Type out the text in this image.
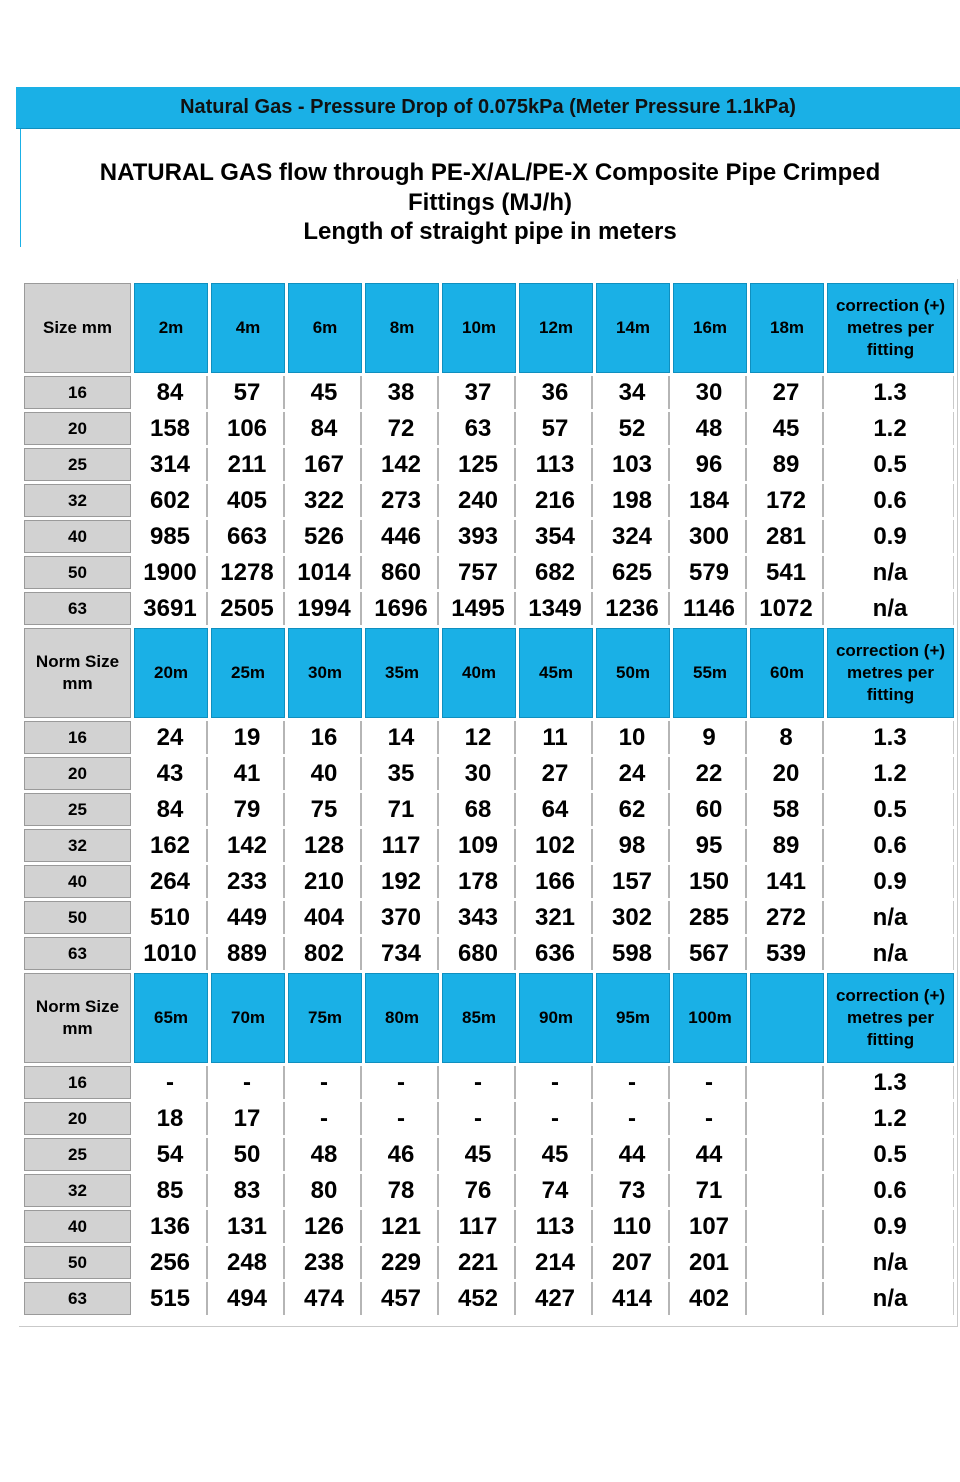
Natural Gas - Pressure Drop of 0.075kPa (Meter Pressure 1.1kPa)
NATURAL GAS flow through PE-X/AL/PE-X Composite Pipe Crimped
Fittings (MJ/h)
Length of straight pipe in meters
Size mm	2m	4m	6m	8m	10m	12m	14m	16m	18m	correction (+) metres per fitting
16	84	57	45	38	37	36	34	30	27	1.3
20	158	106	84	72	63	57	52	48	45	1.2
25	314	211	167	142	125	113	103	96	89	0.5
32	602	405	322	273	240	216	198	184	172	0.6
40	985	663	526	446	393	354	324	300	281	0.9
50	1900	1278	1014	860	757	682	625	579	541	n/a
63	3691	2505	1994	1696	1495	1349	1236	1146	1072	n/a
Norm Size mm	20m	25m	30m	35m	40m	45m	50m	55m	60m	correction (+) metres per fitting
16	24	19	16	14	12	11	10	9	8	1.3
20	43	41	40	35	30	27	24	22	20	1.2
25	84	79	75	71	68	64	62	60	58	0.5
32	162	142	128	117	109	102	98	95	89	0.6
40	264	233	210	192	178	166	157	150	141	0.9
50	510	449	404	370	343	321	302	285	272	n/a
63	1010	889	802	734	680	636	598	567	539	n/a
Norm Size mm	65m	70m	75m	80m	85m	90m	95m	100m		correction (+) metres per fitting
16	-	-	-	-	-	-	-	-		1.3
20	18	17	-	-	-	-	-	-		1.2
25	54	50	48	46	45	45	44	44		0.5
32	85	83	80	78	76	74	73	71		0.6
40	136	131	126	121	117	113	110	107		0.9
50	256	248	238	229	221	214	207	201		n/a
63	515	494	474	457	452	427	414	402		n/a
